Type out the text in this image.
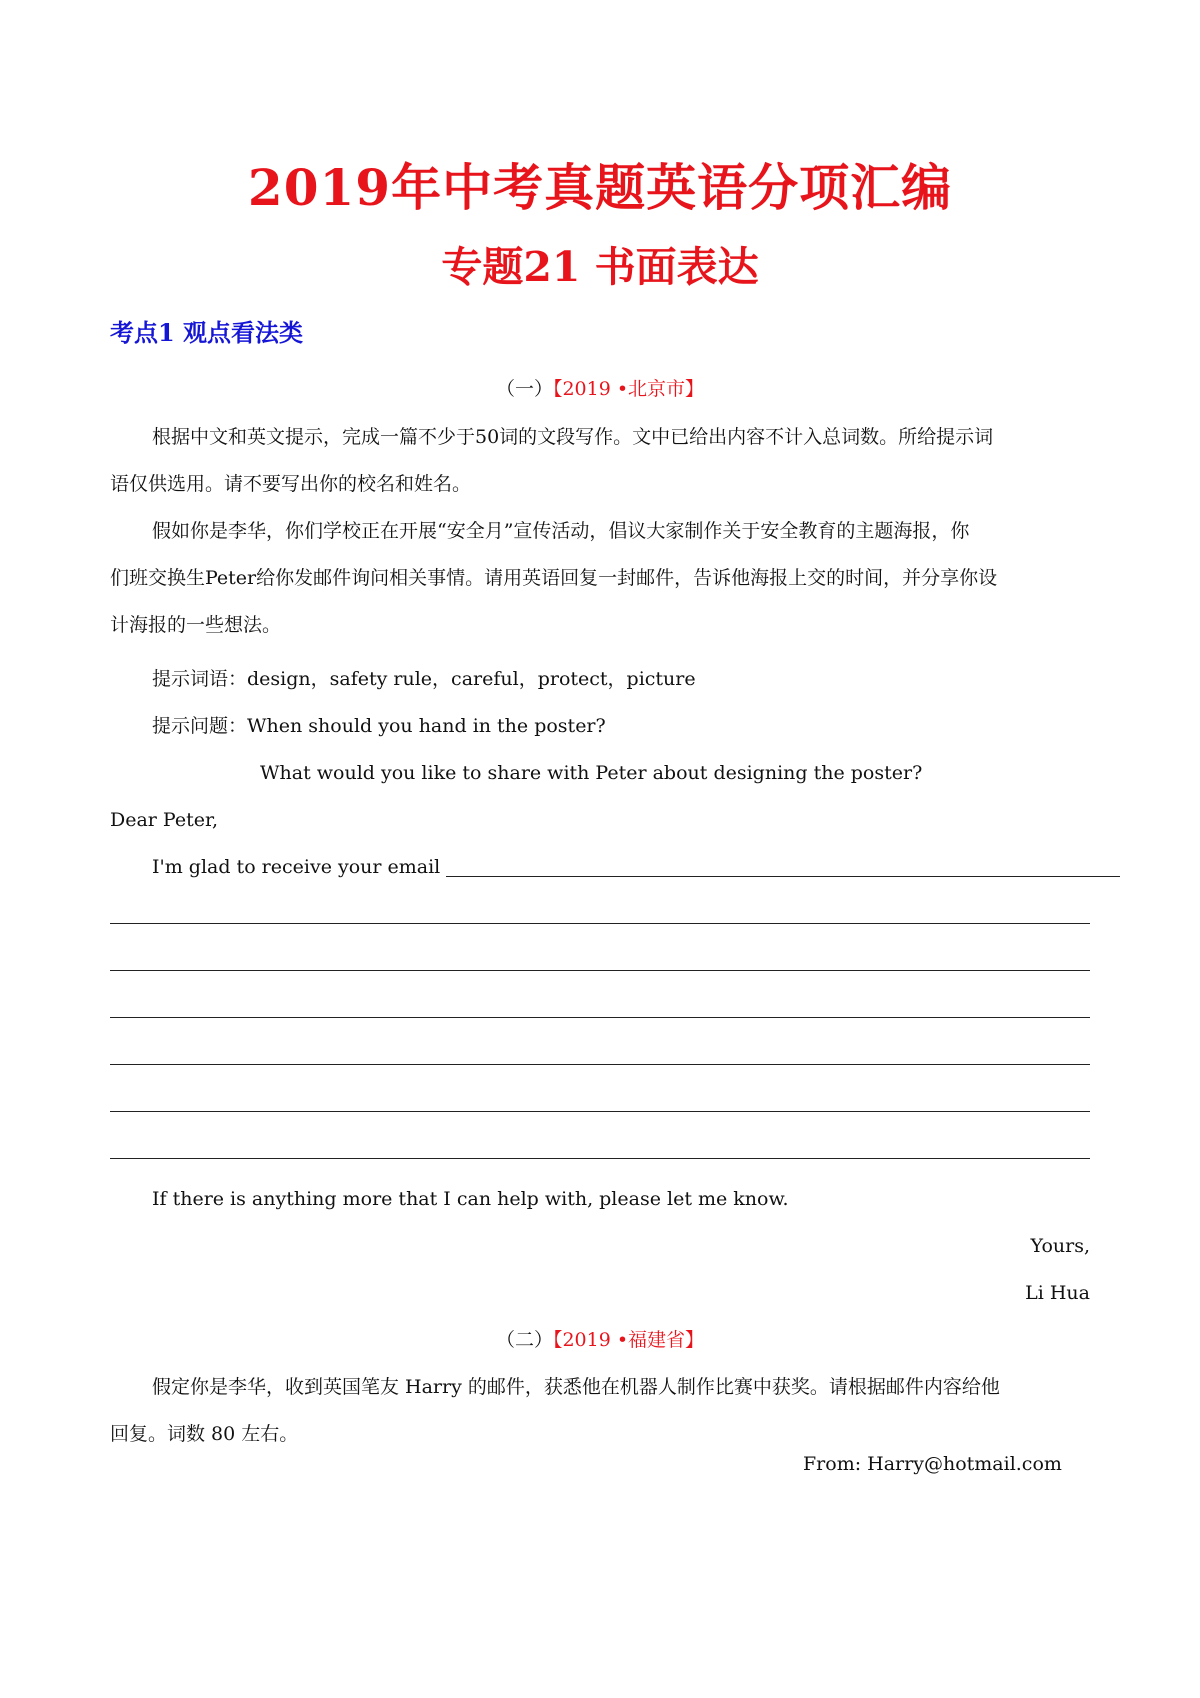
2019年中考真题英语分项汇编
专题21 书面表达
考点1 观点看法类
（一）【2019 •北京市】
根据中文和英文提示，完成一篇不少于50词的文段写作。文中已给出内容不计入总词数。所给提示词
语仅供选用。请不要写出你的校名和姓名。
假如你是李华，你们学校正在开展“安全月”宣传活动，倡议大家制作关于安全教育的主题海报，你
们班交换生Peter给你发邮件询问相关事情。请用英语回复一封邮件，告诉他海报上交的时间，并分享你设
计海报的一些想法。
提示词语：design，safety rule，careful，protect，picture
提示问题：When should you hand in the poster?
What would you like to share with Peter about designing the poster?
Dear Peter,
I'm glad to receive your email
If there is anything more that I can help with, please let me know.
Yours,
Li Hua
（二）【2019 •福建省】
假定你是李华，收到英国笔友 Harry 的邮件，获悉他在机器人制作比赛中获奖。请根据邮件内容给他
回复。词数 80 左右。
From: Harry@hotmail.com
